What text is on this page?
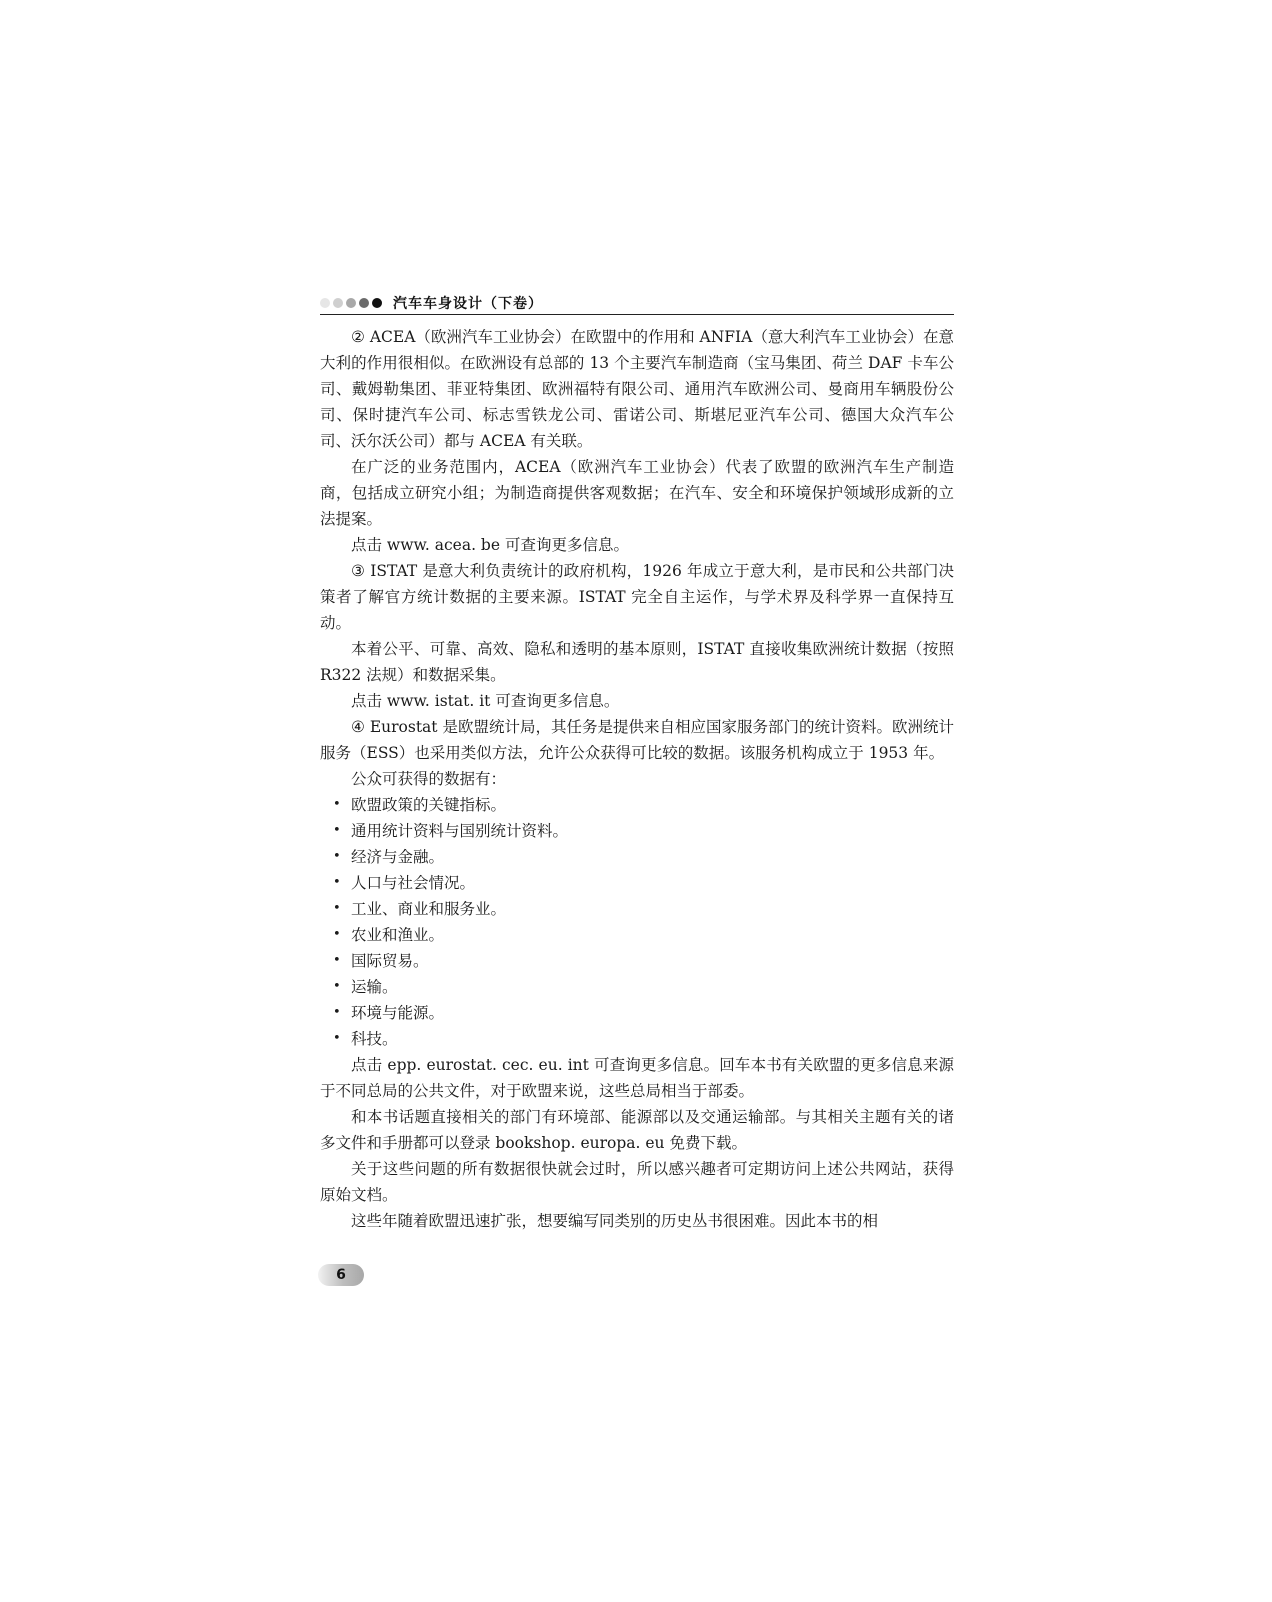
汽车车身设计（下卷）

② ACEA（欧洲汽车工业协会）在欧盟中的作用和 ANFIA（意大利汽车工业协会）在意大利的作用很相似。在欧洲设有总部的 13 个主要汽车制造商（宝马集团、荷兰 DAF 卡车公司、戴姆勒集团、菲亚特集团、欧洲福特有限公司、通用汽车欧洲公司、曼商用车辆股份公司、保时捷汽车公司、标志雪铁龙公司、雷诺公司、斯堪尼亚汽车公司、德国大众汽车公司、沃尔沃公司）都与 ACEA 有关联。

在广泛的业务范围内，ACEA（欧洲汽车工业协会）代表了欧盟的欧洲汽车生产制造商，包括成立研究小组；为制造商提供客观数据；在汽车、安全和环境保护领域形成新的立法提案。

点击 www. acea. be 可查询更多信息。

③ ISTAT 是意大利负责统计的政府机构，1926 年成立于意大利，是市民和公共部门决策者了解官方统计数据的主要来源。ISTAT 完全自主运作，与学术界及科学界一直保持互动。

本着公平、可靠、高效、隐私和透明的基本原则，ISTAT 直接收集欧洲统计数据（按照 R322 法规）和数据采集。

点击 www. istat. it 可查询更多信息。

④ Eurostat 是欧盟统计局，其任务是提供来自相应国家服务部门的统计资料。欧洲统计服务（ESS）也采用类似方法，允许公众获得可比较的数据。该服务机构成立于 1953 年。

公众可获得的数据有：

• 欧盟政策的关键指标。
• 通用统计资料与国别统计资料。
• 经济与金融。
• 人口与社会情况。
• 工业、商业和服务业。
• 农业和渔业。
• 国际贸易。
• 运输。
• 环境与能源。
• 科技。

点击 epp. eurostat. cec. eu. int 可查询更多信息。回车本书有关欧盟的更多信息来源于不同总局的公共文件，对于欧盟来说，这些总局相当于部委。

和本书话题直接相关的部门有环境部、能源部以及交通运输部。与其相关主题有关的诸多文件和手册都可以登录 bookshop. europa. eu 免费下载。

关于这些问题的所有数据很快就会过时，所以感兴趣者可定期访问上述公共网站，获得原始文档。

这些年随着欧盟迅速扩张，想要编写同类别的历史丛书很困难。因此本书的相

6
